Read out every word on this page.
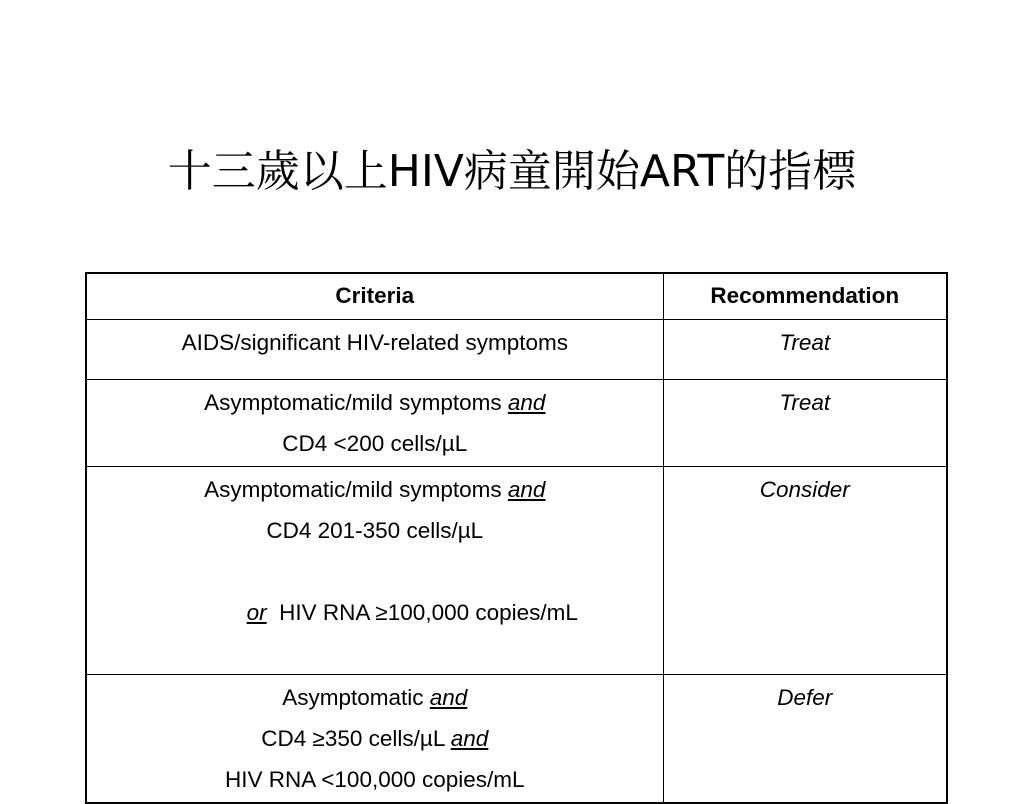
十三歲以上HIV病童開始ART的指標
Criteria	Recommendation

AIDS/significant HIV-related symptoms	Treat

Asymptomatic/mild symptoms and
CD4 <200 cells/µL	Treat

Asymptomatic/mild symptoms and
CD4 201-350 cells/µL

or  HIV RNA ≥100,000 copies/mL	Consider

Asymptomatic and
CD4 ≥350 cells/µL and
HIV RNA <100,000 copies/mL	Defer
